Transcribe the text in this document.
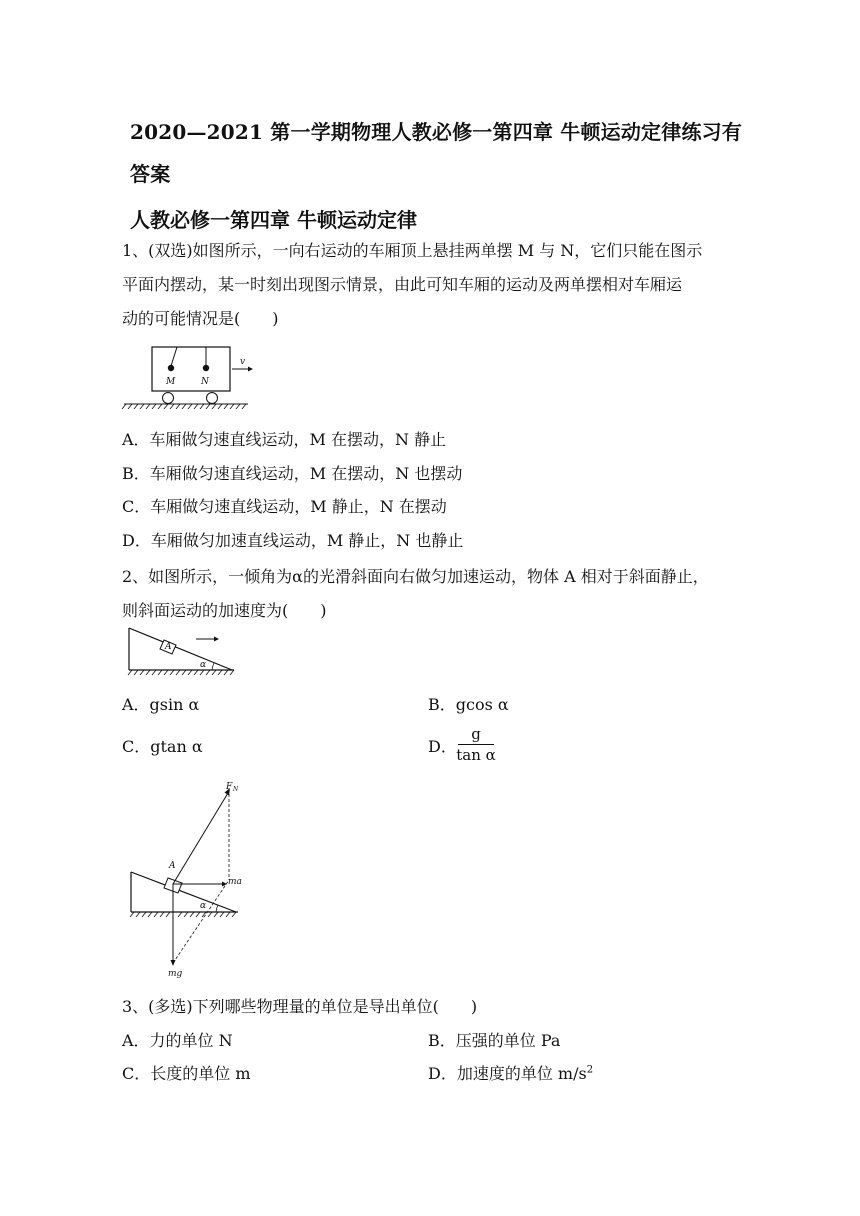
2020—2021 第一学期物理人教必修一第四章 牛顿运动定律练习有
答案
人教必修一第四章 牛顿运动定律
1、(双选)如图所示，一向右运动的车厢顶上悬挂两单摆 M 与 N，它们只能在图示
平面内摆动，某一时刻出现图示情景，由此可知车厢的运动及两单摆相对车厢运
动的可能情况是(　　)
M	N
v
A．车厢做匀速直线运动，M 在摆动，N 静止
B．车厢做匀速直线运动，M 在摆动，N 也摆动
C．车厢做匀速直线运动，M 静止，N 在摆动
D．车厢做匀加速直线运动，M 静止，N 也静止
2、如图所示，一倾角为α的光滑斜面向右做匀加速运动，物体 A 相对于斜面静止，
则斜面运动的加速度为(　　)
A
α
A．gsin α	B．gcos α
C．gtan α	D．
g
tan α
A
F N
ma
mg
α
3、(多选)下列哪些物理量的单位是导出单位(　　)
A．力的单位 N	B．压强的单位 Pa
C．长度的单位 m	D．加速度的单位 $m/s^2$
